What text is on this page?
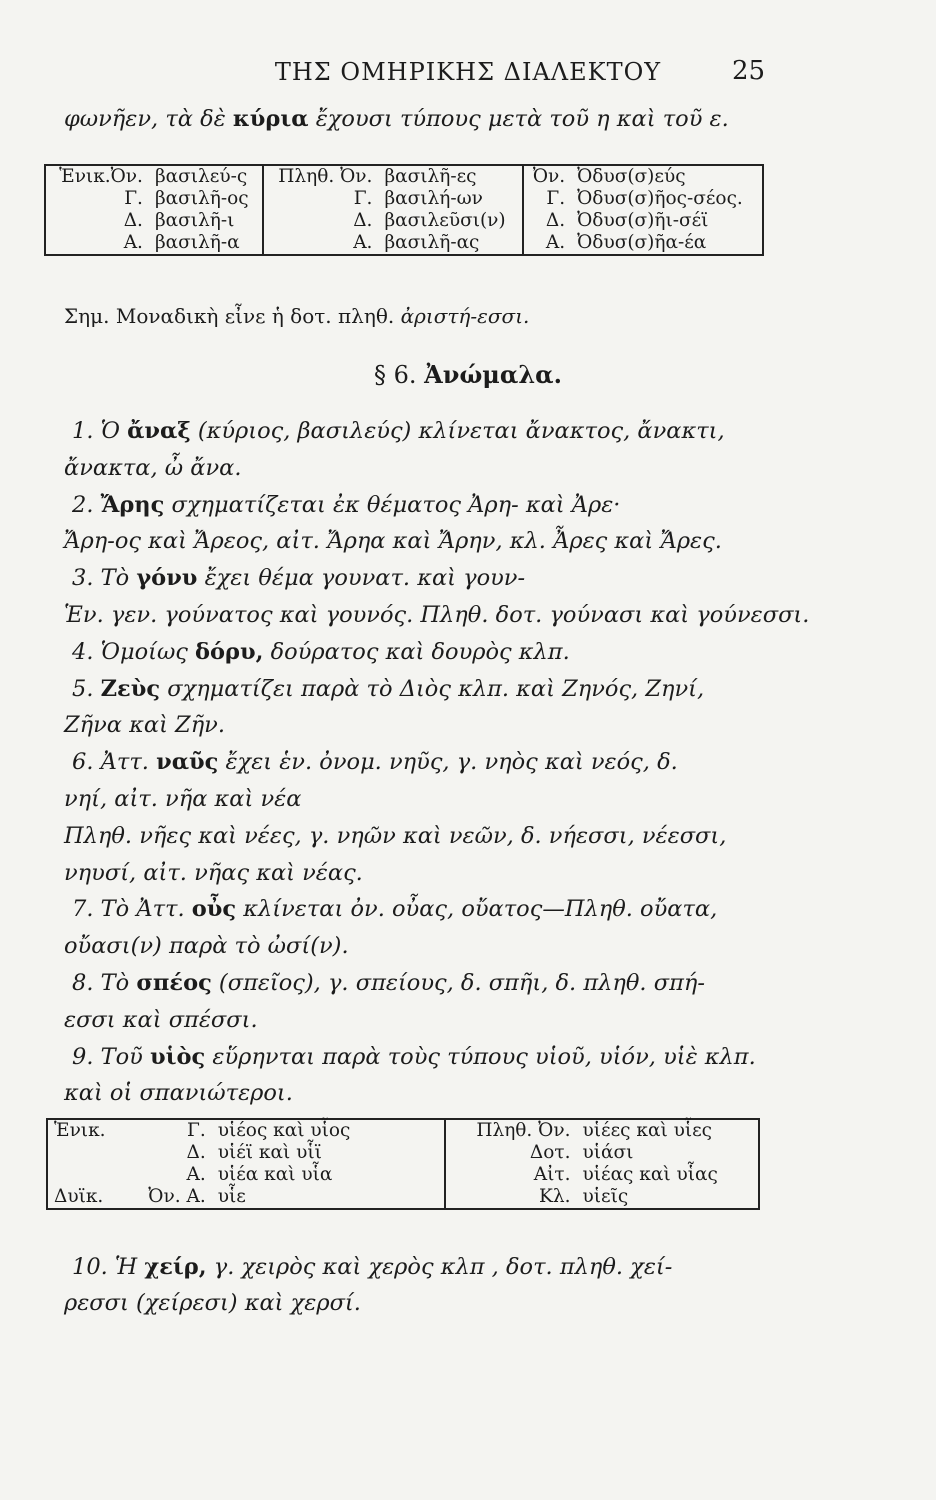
ΤΗΣ ΟΜΗΡΙΚΗΣ ΔΙΑΛΕΚΤΟΥ	25
φωνῆεν, τὰ δὲ κύρια ἔχουσι τύπους μετὰ τοῦ η καὶ τοῦ ε.
Ἑνικ.Ὀν.	βασιλεύ-ς	Πληθ. Ὀν.	βασιλῆ-ες	Ὀν.	Ὀδυσ(σ)εύς
Γ.	βασιλῆ-ος	Γ.	βασιλή-ων	Γ.	Ὀδυσ(σ)ῆος-σέος.
Δ.	βασιλῆ-ι	Δ.	βασιλεῦσι(ν)	Δ.	Ὀδυσ(σ)ῆι-σέϊ
Α.	βασιλῆ-α	Α.	βασιλῆ-ας	Α.	Ὀδυσ(σ)ῆα-έα
Σημ. Μοναδικὴ εἶνε ἡ δοτ. πληθ. ἀριστή-εσσι.
§ 6. Ἀνώμαλα.
1. Ὁ ἄναξ (κύριος, βασιλεύς) κλίνεται ἄνακτος, ἄνακτι,
ἄνακτα, ὦ ἄνα.
2. Ἄρης σχηματίζεται ἐκ θέματος Ἀρη- καὶ Ἀρε·
Ἄρη-ος καὶ Ἄρεος, αἰτ. Ἄρηα καὶ Ἄρην, κλ. Ἆρες καὶ Ἄρες.
3. Τὸ γόνυ ἔχει θέμα γουνατ. καὶ γουν-
Ἑν. γεν. γούνατος καὶ γουνός. Πληθ. δοτ. γούνασι καὶ γούνεσσι.
4. Ὁμοίως δόρυ, δούρατος καὶ δουρὸς κλπ.
5. Ζεὺς σχηματίζει παρὰ τὸ Διὸς κλπ. καὶ Ζηνός, Ζηνί,
Ζῆνα καὶ Ζῆν.
6. Ἀττ. ναῦς ἔχει ἑν. ὀνομ. νηῦς, γ. νηὸς καὶ νεός, δ.
νηί, αἰτ. νῆα καὶ νέα
Πληθ. νῆες καὶ νέες, γ. νηῶν καὶ νεῶν, δ. νήεσσι, νέεσσι,
νηυσί, αἰτ. νῆας καὶ νέας.
7. Τὸ Ἀττ. οὖς κλίνεται ὀν. οὖας, οὔατος—Πληθ. οὔατα,
οὔασι(ν) παρὰ τὸ ὠσί(ν).
8. Τὸ σπέος (σπεῖος), γ. σπείους, δ. σπῆι, δ. πληθ. σπή-
εσσι καὶ σπέσσι.
9. Τοῦ υἱὸς εὕρηνται παρὰ τοὺς τύπους υἱοῦ, υἱόν, υἱὲ κλπ.
καὶ οἱ σπανιώτεροι.
Ἑνικ.	Γ.	υἱέος καὶ υἷος	Πληθ. Ὀν.	υἱέες καὶ υἷες
	Δ.	υἱέϊ καὶ υἷϊ	Δοτ.	υἱάσι
	Α.	υἱέα καὶ υἷα	Αἰτ.	υἱέας καὶ υἷας
Δυϊκ.	Ὀν. Α.	υἷε	Κλ.	υἱεῖς
10. Ἡ χείρ, γ. χειρὸς καὶ χερὸς κλπ , δοτ. πληθ. χεί-
ρεσσι (χείρεσι) καὶ χερσί.
